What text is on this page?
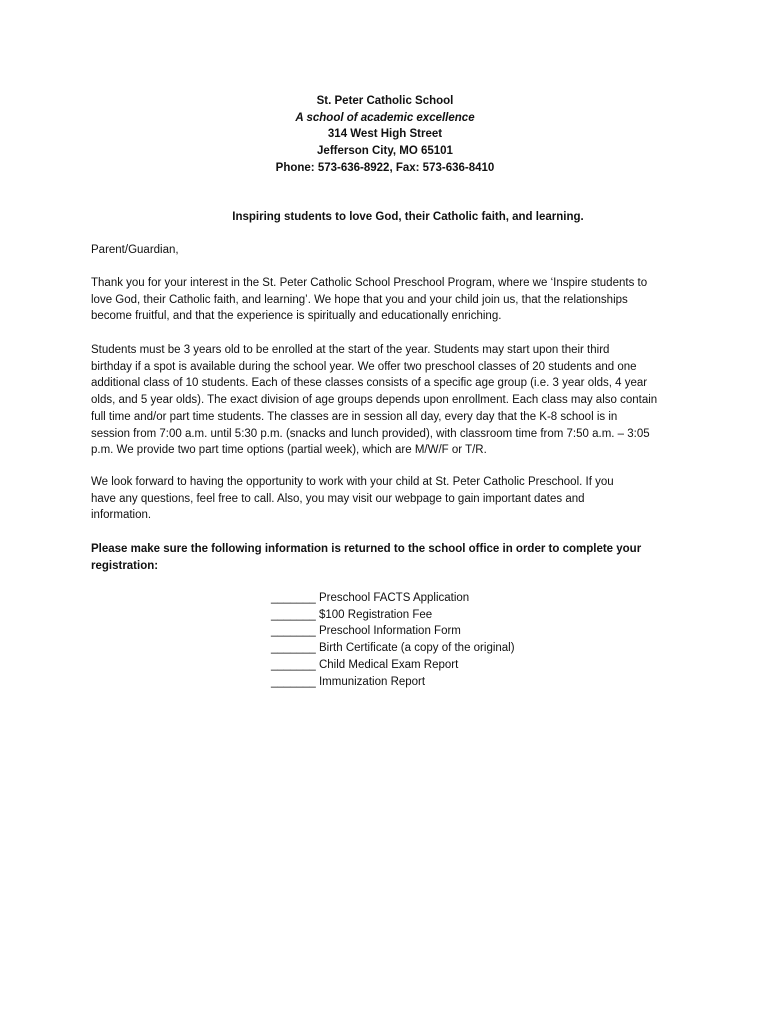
St. Peter Catholic School
A school of academic excellence
314 West High Street
Jefferson City, MO 65101
Phone: 573-636-8922, Fax: 573-636-8410
Inspiring students to love God, their Catholic faith, and learning.
Parent/Guardian,
Thank you for your interest in the St. Peter Catholic School Preschool Program, where we ‘Inspire students to
love God, their Catholic faith, and learning’. We hope that you and your child join us, that the relationships
become fruitful, and that the experience is spiritually and educationally enriching.
Students must be 3 years old to be enrolled at the start of the year. Students may start upon their third
birthday if a spot is available during the school year. We offer two preschool classes of 20 students and one
additional class of 10 students. Each of these classes consists of a specific age group (i.e. 3 year olds, 4 year
olds, and 5 year olds). The exact division of age groups depends upon enrollment. Each class may also contain
full time and/or part time students. The classes are in session all day, every day that the K-8 school is in
session from 7:00 a.m. until 5:30 p.m. (snacks and lunch provided), with classroom time from 7:50 a.m. – 3:05
p.m. We provide two part time options (partial week), which are M/W/F or T/R.
We look forward to having the opportunity to work with your child at St. Peter Catholic Preschool. If you
have any questions, feel free to call. Also, you may visit our webpage to gain important dates and
information.
Please make sure the following information is returned to the school office in order to complete your
registration:
_______ Preschool FACTS Application
_______ $100 Registration Fee
_______ Preschool Information Form
_______ Birth Certificate (a copy of the original)
_______ Child Medical Exam Report
_______ Immunization Report
